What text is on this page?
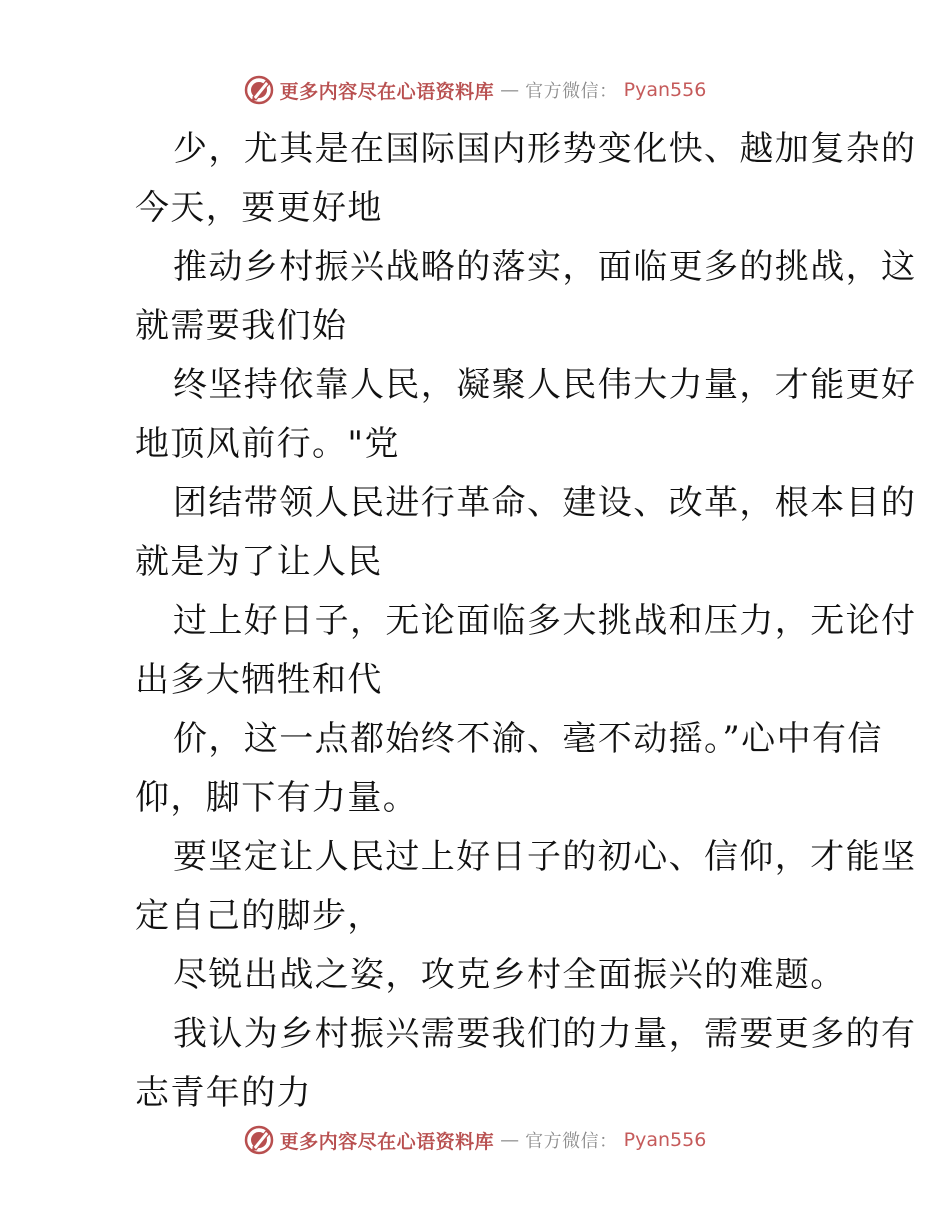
更多内容尽在心语资料库 — 官方微信： Pyan556
少，尤其是在国际国内形势变化快、越加复杂的
今天，要更好地
推动乡村振兴战略的落实，面临更多的挑战，这
就需要我们始
终坚持依靠人民，凝聚人民伟大力量，才能更好
地顶风前行。"党
团结带领人民进行革命、建设、改革，根本目的
就是为了让人民
过上好日子，无论面临多大挑战和压力，无论付
出多大牺牲和代
价，这一点都始终不渝、毫不动摇。”心中有信
仰，脚下有力量。
要坚定让人民过上好日子的初心、信仰，才能坚
定自己的脚步，
尽锐出战之姿，攻克乡村全面振兴的难题。
我认为乡村振兴需要我们的力量，需要更多的有
志青年的力
更多内容尽在心语资料库 — 官方微信： Pyan556
